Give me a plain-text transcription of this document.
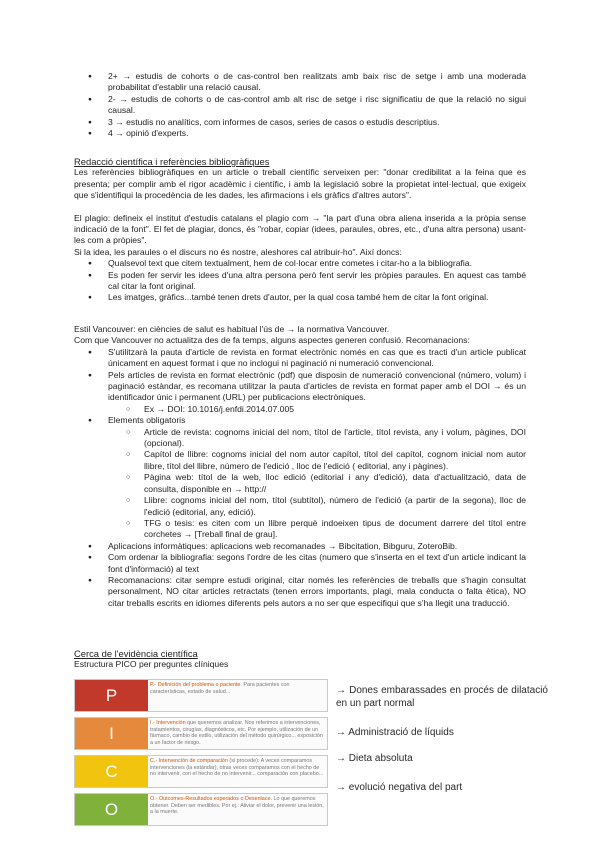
● 2+ → estudis de cohorts o de cas-control ben realitzats amb baix risc de setge i amb una moderada probabilitat d'establir una relació causal.
● 2- → estudis de cohorts o de cas-control amb alt risc de setge i risc significatiu de que la relació no sigui causal.
● 3 → estudis no analítics, com informes de casos, series de casos o estudis descriptius.
● 4 → opinió d'experts.

Redacció científica i referències bibliogràfiques

Les referències bibliogràfiques en un article o treball científic serveixen per: "donar credibilitat a la feina que es presenta; per complir amb el rigor acadèmic i científic, i amb la legislació sobre la propietat intel·lectual, que exigeix que s'identifiqui la procedència de les dades, les afirmacions i els gràfics d'altres autors".

El plagio: defineix el institut d'estudis catalans el plagio com → "la part d'una obra aliena inserida a la pròpia sense indicació de la font". El fet de plagiar, doncs, és "robar, copiar (idees, paraules, obres, etc., d'una altra persona) usant-les com a pròpies".

Si la idea, les paraules o el discurs no és nostre, aleshores cal atribuir-ho". Així doncs:

● Qualsevol text que citem textualment, hem de col·locar entre cometes i citar-ho a la bibliografia.
● Es poden fer servir les idees d'una altra persona però fent servir les pròpies paraules. En aquest cas també cal citar la font original.
● Les imatges, gràfics...també tenen drets d'autor, per la qual cosa també hem de citar la font original.

Estil Vancouver: en ciències de salut es habitual l'ús de → la normativa Vancouver.

Com que Vancouver no actualitza des de fa temps, alguns aspectes generen confusió. Recomanacions:

● S'utilitzarà la pauta d'article de revista en format electrònic només en cas que es tracti d'un article publicat únicament en aquest format i que no inclogui ni paginació ni numeració convencional.
● Pels articles de revista en format electrònic (pdf) que disposin de numeració convencional (número, volum) i paginació estàndar, es recomana utilitzar la pauta d'articles de revista en format paper amb el DOI → és un identificador únic i permanent (URL) per publicacions electròniques.
○ Ex → DOI: 10.1016/j.enfdi.2014.07.005
● Elements obligatoris
○ Article de revista: cognoms inicial del nom, títol de l'article, títol revista, any i volum, pàgines, DOI (opcional).
○ Capítol de llibre: cognoms inicial del nom autor capítol, títol del capítol, cognom inicial nom autor llibre, títol del llibre, número de l'edició , lloc de l'edició ( editorial, any i pàgines).
○ Pàgina web: títol de la web, lloc edició (editorial i any d'edició), data d'actualització, data de consulta, disponible en → http://
○ Llibre: cognoms inicial del nom, títol (subtítol), número de l'edició (a partir de la segona), lloc de l'edició (editorial, any, edició).
○ TFG o tesis: es citen com un llibre perquè indoeixen tipus de document darrere del títol entre corchetes → [Treball final de grau].
● Aplicacions informàtiques: aplicacions web recomanades → Bibcitation, Bibguru, ZoteroBib.
● Com ordenar la bibliografia: segons l'ordre de les citas (numero que s'inserta en el text d'un article indicant la font d'informació) al text
● Recomanacions: citar sempre estudi original, citar només les referències de treballs que s'hagin consultat personalment, NO citar articles retractats (tenen errors importants, plagi, mala conducta o falta ètica), NO citar treballs escrits en idiomes diferents pels autors a no ser que especifiqui que s'ha llegit una traducció.

Cerca de l'evidència científica

Estructura PICO per preguntes clíniques

P
P.- Definición del problema o paciente. Para pacientes con características, estado de salud...
I
I.- Intervención que queremos analizar. Nos referimos a intervenciones, tratamientos, cirugías, diagnósticos, etc. Por ejemplo, utilización de un fármaco, cambio de estilo, utilización del método quirúrgico... exposición a un factor de riesgo.
C
C.- Intervención de comparación (si procede): A veces comparamos intervenciones (la estándar), otras veces comparamos con el hecho de no intervenir, con el hecho de no intervenir... comparación con placebo...
O
O.- Outcomes-Resultados esperados o Desenlace. Lo que queremos obtener. Deben ser medibles. Por ej.: Aliviar el dolor, prevenir una lesión, a la muerte.
→ Dones embarassades en procés de dilatació en un part normal
→ Administració de líquids
→ Dieta absoluta
→ evolució negativa del part
